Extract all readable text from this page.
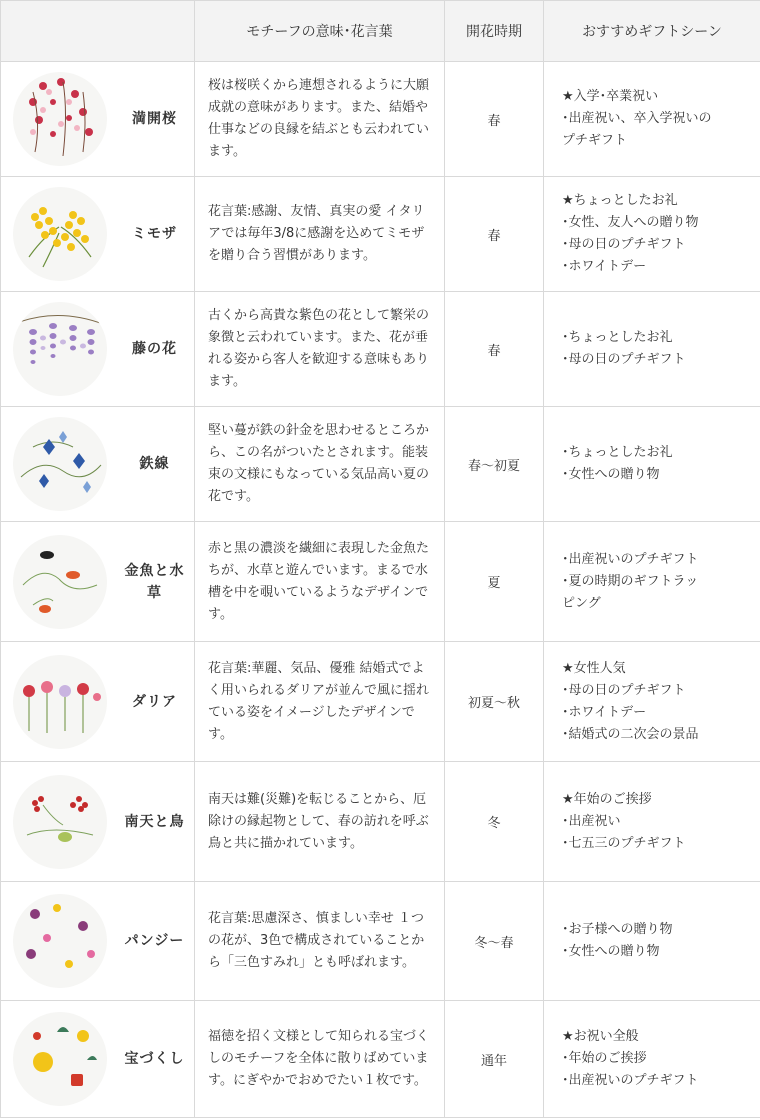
	モチーフの意味･花言葉	開花時期	おすすめギフトシーン

満開桜	桜は桜咲くから連想されるように大願成就の意味があります。また、結婚や仕事などの良縁を結ぶとも云われています。	春	★入学･卒業祝い
･出産祝い、卒入学祝いの
プチギフト

ミモザ	花言葉:感謝、友情、真実の愛 イタリアでは毎年3/8に感謝を込めてミモザを贈り合う習慣があります。	春	★ちょっとしたお礼
･女性、友人への贈り物
･母の日のプチギフト
･ホワイトデー

藤の花	古くから高貴な紫色の花として繁栄の象徴と云われています。また、花が垂れる姿から客人を歓迎する意味もあります。	春	･ちょっとしたお礼
･母の日のプチギフト

鉄線	堅い蔓が鉄の針金を思わせるところから、この名がついたとされます。能装束の文様にもなっている気品高い夏の花です。	春〜初夏	･ちょっとしたお礼
･女性への贈り物

金魚と水草	赤と黒の濃淡を繊細に表現した金魚たちが、水草と遊んでいます。まるで水槽を中を覗いているようなデザインです。	夏	･出産祝いのプチギフト
･夏の時期のギフトラッ
ピング

ダリア	花言葉:華麗、気品、優雅 結婚式でよく用いられるダリアが並んで風に揺れている姿をイメージしたデザインです。	初夏〜秋	★女性人気
･母の日のプチギフト
･ホワイトデー
･結婚式の二次会の景品

南天と鳥	南天は難(災難)を転じることから、厄除けの縁起物として、春の訪れを呼ぶ鳥と共に描かれています。	冬	★年始のご挨拶
･出産祝い
･七五三のプチギフト

パンジー	花言葉:思慮深さ、慎ましい幸せ １つの花が、3色で構成されていることから「三色すみれ」とも呼ばれます。	冬〜春	･お子様への贈り物
･女性への贈り物

宝づくし	福徳を招く文様として知られる宝づくしのモチーフを全体に散りばめています。にぎやかでおめでたい１枚です。	通年	★お祝い全般
･年始のご挨拶
･出産祝いのプチギフト
